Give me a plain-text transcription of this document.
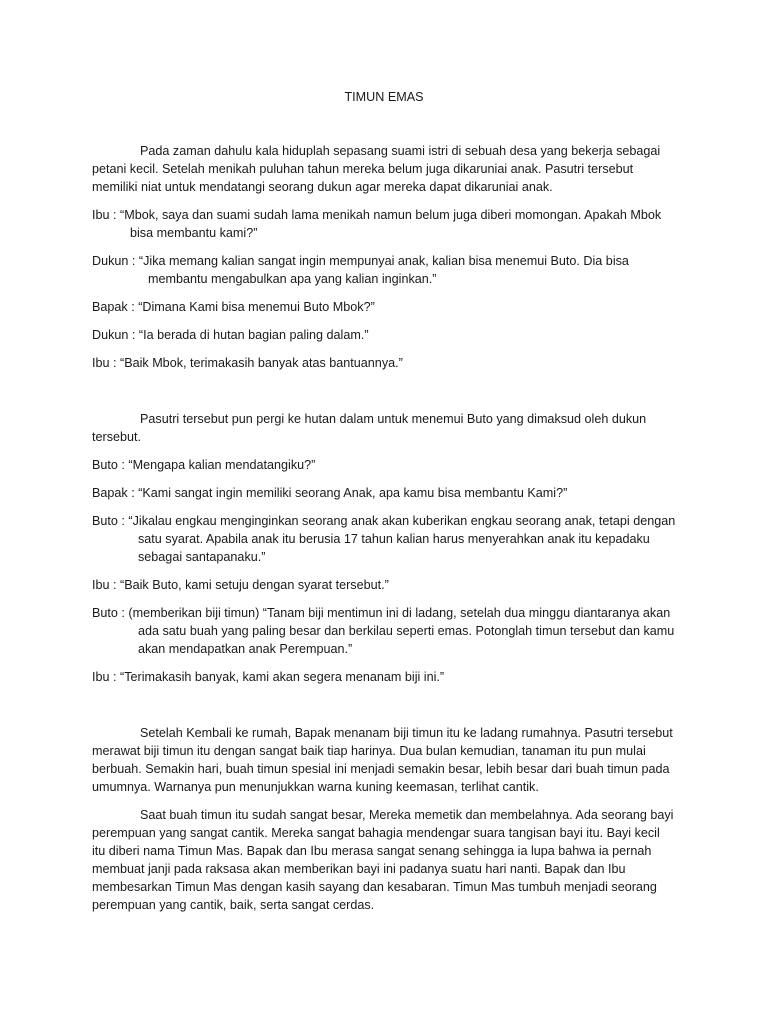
TIMUN EMAS

Pada zaman dahulu kala hiduplah sepasang suami istri di sebuah desa yang bekerja sebagai petani kecil. Setelah menikah puluhan tahun mereka belum juga dikaruniai anak. Pasutri tersebut memiliki niat untuk mendatangi seorang dukun agar mereka dapat dikaruniai anak.

Ibu : “Mbok, saya dan suami sudah lama menikah namun belum juga diberi momongan. Apakah Mbok bisa membantu kami?”

Dukun : “Jika memang kalian sangat ingin mempunyai anak, kalian bisa menemui Buto. Dia bisa membantu mengabulkan apa yang kalian inginkan.”

Bapak : “Dimana Kami bisa menemui Buto Mbok?”

Dukun : “Ia berada di hutan bagian paling dalam.”

Ibu : “Baik Mbok, terimakasih banyak atas bantuannya.”

Pasutri tersebut pun pergi ke hutan dalam untuk menemui Buto yang dimaksud oleh dukun tersebut.

Buto : “Mengapa kalian mendatangiku?”

Bapak : “Kami sangat ingin memiliki seorang Anak, apa kamu bisa membantu Kami?”

Buto : “Jikalau engkau menginginkan seorang anak akan kuberikan engkau seorang anak, tetapi dengan satu syarat. Apabila anak itu berusia 17 tahun kalian harus menyerahkan anak itu kepadaku sebagai santapanaku.”

Ibu : “Baik Buto, kami setuju dengan syarat tersebut.”

Buto : (memberikan biji timun) “Tanam biji mentimun ini di ladang, setelah dua minggu diantaranya akan ada satu buah yang paling besar dan berkilau seperti emas. Potonglah timun tersebut dan kamu akan mendapatkan anak Perempuan.”

Ibu : “Terimakasih banyak, kami akan segera menanam biji ini.”

Setelah Kembali ke rumah, Bapak menanam biji timun itu ke ladang rumahnya. Pasutri tersebut merawat biji timun itu dengan sangat baik tiap harinya. Dua bulan kemudian, tanaman itu pun mulai berbuah. Semakin hari, buah timun spesial ini menjadi semakin besar, lebih besar dari buah timun pada umumnya. Warnanya pun menunjukkan warna kuning keemasan, terlihat cantik.

Saat buah timun itu sudah sangat besar, Mereka memetik dan membelahnya. Ada seorang bayi perempuan yang sangat cantik. Mereka sangat bahagia mendengar suara tangisan bayi itu. Bayi kecil itu diberi nama Timun Mas. Bapak dan Ibu merasa sangat senang sehingga ia lupa bahwa ia pernah membuat janji pada raksasa akan memberikan bayi ini padanya suatu hari nanti. Bapak dan Ibu membesarkan Timun Mas dengan kasih sayang dan kesabaran. Timun Mas tumbuh menjadi seorang perempuan yang cantik, baik, serta sangat cerdas.
